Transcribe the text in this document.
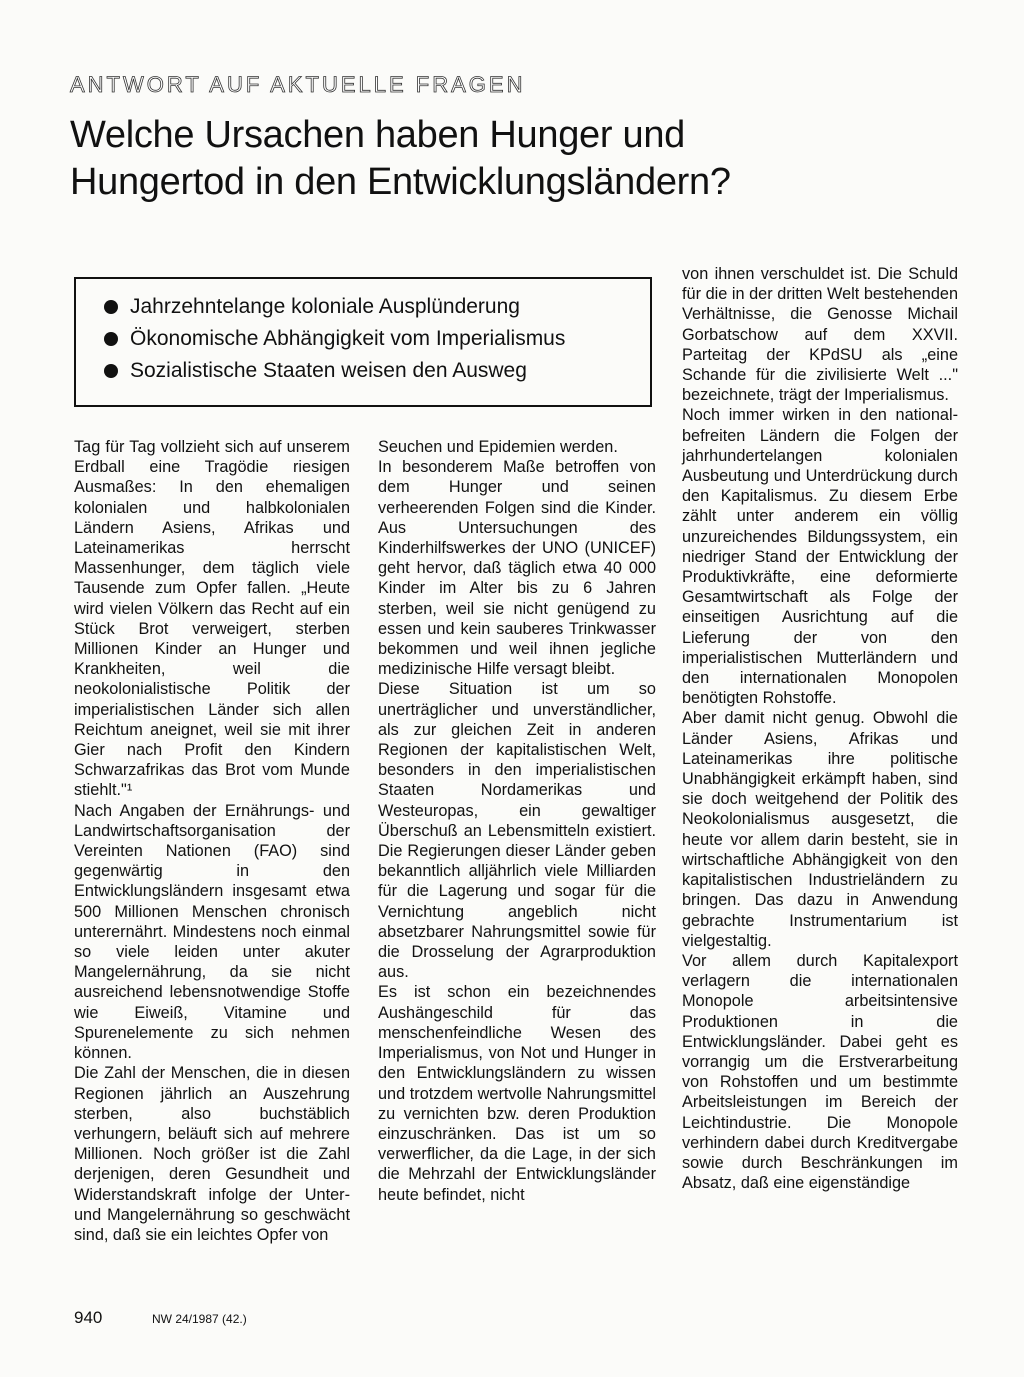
ANTWORT AUF AKTUELLE FRAGEN
Welche Ursachen haben Hunger und
Hungertod in den Entwicklungsländern?
Jahrzehntelange koloniale Ausplünderung
Ökonomische Abhängigkeit vom Imperialismus
Sozialistische Staaten weisen den Ausweg

Tag für Tag vollzieht sich auf unserem Erdball eine Tragödie riesigen Ausmaßes: In den ehemaligen kolonialen und halbkolonialen Ländern Asiens, Afrikas und Lateinamerikas herrscht Massenhunger, dem täglich viele Tausende zum Opfer fallen. „Heute wird vielen Völkern das Recht auf ein Stück Brot verweigert, sterben Millionen Kinder an Hunger und Krankheiten, weil die neokolonialistische Politik der imperialistischen Länder sich allen Reichtum aneignet, weil sie mit ihrer Gier nach Profit den Kindern Schwarzafrikas das Brot vom Munde stiehlt."¹

Nach Angaben der Ernährungs- und Landwirtschaftsorganisation der Vereinten Nationen (FAO) sind gegenwärtig in den Entwicklungsländern insgesamt etwa 500 Millionen Menschen chronisch unterernährt. Mindestens noch einmal so viele leiden unter akuter Mangelernährung, da sie nicht ausreichend lebensnotwendige Stoffe wie Eiweiß, Vitamine und Spurenelemente zu sich nehmen können.

Die Zahl der Menschen, die in diesen Regionen jährlich an Auszehrung sterben, also buchstäblich verhungern, beläuft sich auf mehrere Millionen. Noch größer ist die Zahl derjenigen, deren Gesundheit und Widerstandskraft infolge der Unter- und Mangelernährung so geschwächt sind, daß sie ein leichtes Opfer von

Seuchen und Epidemien werden.

In besonderem Maße betroffen von dem Hunger und seinen verheerenden Folgen sind die Kinder. Aus Untersuchungen des Kinderhilfswerkes der UNO (UNICEF) geht hervor, daß täglich etwa 40 000 Kinder im Alter bis zu 6 Jahren sterben, weil sie nicht genügend zu essen und kein sauberes Trinkwasser bekommen und weil ihnen jegliche medizinische Hilfe versagt bleibt.

Diese Situation ist um so unerträglicher und unverständlicher, als zur gleichen Zeit in anderen Regionen der kapitalistischen Welt, besonders in den imperialistischen Staaten Nordamerikas und Westeuropas, ein gewaltiger Überschuß an Lebensmitteln existiert. Die Regierungen dieser Länder geben bekanntlich alljährlich viele Milliarden für die Lagerung und sogar für die Vernichtung angeblich nicht absetzbarer Nahrungsmittel sowie für die Drosselung der Agrarproduktion aus.

Es ist schon ein bezeichnendes Aushängeschild für das menschenfeindliche Wesen des Imperialismus, von Not und Hunger in den Entwicklungsländern zu wissen und trotzdem wertvolle Nahrungsmittel zu vernichten bzw. deren Produktion einzuschränken. Das ist um so verwerflicher, da die Lage, in der sich die Mehrzahl der Entwicklungsländer heute befindet, nicht

von ihnen verschuldet ist. Die Schuld für die in der dritten Welt bestehenden Verhältnisse, die Genosse Michail Gorbatschow auf dem XXVII. Parteitag der KPdSU als „eine Schande für die zivilisierte Welt ..." bezeichnete, trägt der Imperialismus.

Noch immer wirken in den national-befreiten Ländern die Folgen der jahrhundertelangen kolonialen Ausbeutung und Unterdrückung durch den Kapitalismus. Zu diesem Erbe zählt unter anderem ein völlig unzureichendes Bildungssystem, ein niedriger Stand der Entwicklung der Produktivkräfte, eine deformierte Gesamtwirtschaft als Folge der einseitigen Ausrichtung auf die Lieferung der von den imperialistischen Mutterländern und den internationalen Monopolen benötigten Rohstoffe.

Aber damit nicht genug. Obwohl die Länder Asiens, Afrikas und Lateinamerikas ihre politische Unabhängigkeit erkämpft haben, sind sie doch weitgehend der Politik des Neokolonialismus ausgesetzt, die heute vor allem darin besteht, sie in wirtschaftliche Abhängigkeit von den kapitalistischen Industrieländern zu bringen. Das dazu in Anwendung gebrachte Instrumentarium ist vielgestaltig.

Vor allem durch Kapitalexport verlagern die internationalen Monopole arbeitsintensive Produktionen in die Entwicklungsländer. Dabei geht es vorrangig um die Erstverarbeitung von Rohstoffen und um bestimmte Arbeitsleistungen im Bereich der Leichtindustrie. Die Monopole verhindern dabei durch Kreditvergabe sowie durch Beschränkungen im Absatz, daß eine eigenständige

940	NW 24/1987 (42.)
